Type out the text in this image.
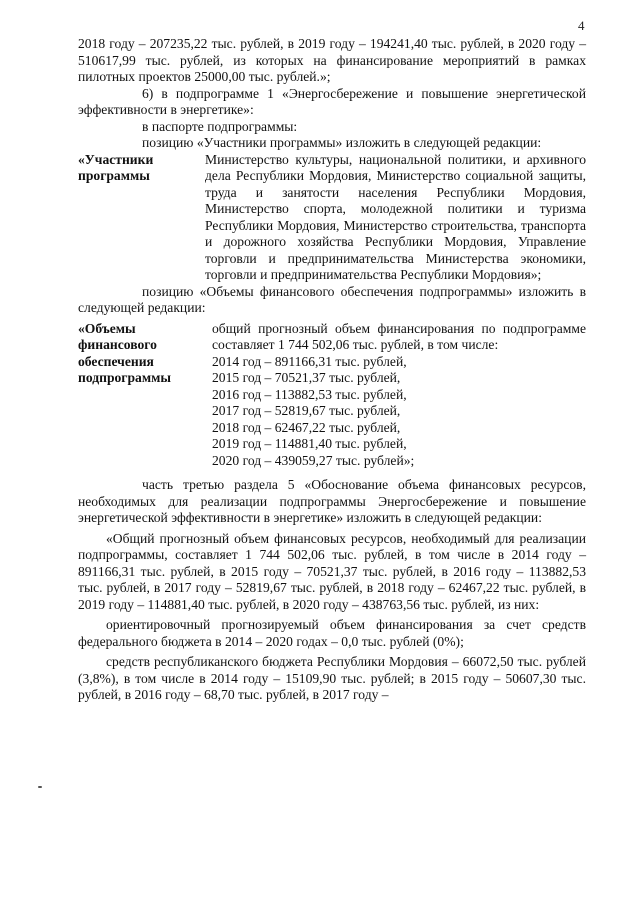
4

2018 году – 207235,22 тыс. рублей, в 2019 году – 194241,40 тыс. рублей, в 2020 году – 510617,99 тыс. рублей, из которых на финансирование мероприятий в рамках пилотных проектов 25000,00 тыс. рублей.»;

6) в подпрограмме 1 «Энергосбережение и повышение энергетической эффективности в энергетике»:

в паспорте подпрограммы:

позицию «Участники программы» изложить в следующей редакции:

«Участники программы
Министерство культуры, национальной политики, и архивного дела Республики Мордовия, Министерство социальной защиты, труда и занятости населения Республики Мордовия, Министерство спорта, молодежной политики и туризма Республики Мордовия, Министерство строительства, транспорта и дорожного хозяйства Республики Мордовия, Управление торговли и предпринимательства Министерства экономики, торговли и предпринимательства Республики Мордовия»;

позицию «Объемы финансового обеспечения подпрограммы» изложить в следующей редакции:

«Объемы финансового обеспечения подпрограммы
общий прогнозный объем финансирования по подпрограмме составляет 1 744 502,06 тыс. рублей, в том числе:
2014 год – 891166,31 тыс. рублей,
2015 год – 70521,37 тыс. рублей,
2016 год – 113882,53 тыс. рублей,
2017 год – 52819,67 тыс. рублей,
2018 год – 62467,22 тыс. рублей,
2019 год – 114881,40 тыс. рублей,
2020 год – 439059,27 тыс. рублей»;

часть третью раздела 5 «Обоснование объема финансовых ресурсов, необходимых для реализации подпрограммы Энергосбережение и повышение энергетической эффективности в энергетике» изложить в следующей редакции:

«Общий прогнозный объем финансовых ресурсов, необходимый для реализации подпрограммы, составляет 1 744 502,06 тыс. рублей, в том числе в 2014 году – 891166,31 тыс. рублей, в 2015 году – 70521,37 тыс. рублей, в 2016 году – 113882,53 тыс. рублей, в 2017 году – 52819,67 тыс. рублей, в 2018 году – 62467,22 тыс. рублей, в 2019 году – 114881,40 тыс. рублей, в 2020 году – 438763,56 тыс. рублей, из них:

ориентировочный прогнозируемый объем финансирования за счет средств федерального бюджета в 2014 – 2020 годах – 0,0 тыс. рублей (0%);

средств республиканского бюджета Республики Мордовия – 66072,50 тыс. рублей (3,8%), в том числе в 2014 году – 15109,90 тыс. рублей; в 2015 году – 50607,30 тыс. рублей, в 2016 году – 68,70 тыс. рублей, в 2017 году –
